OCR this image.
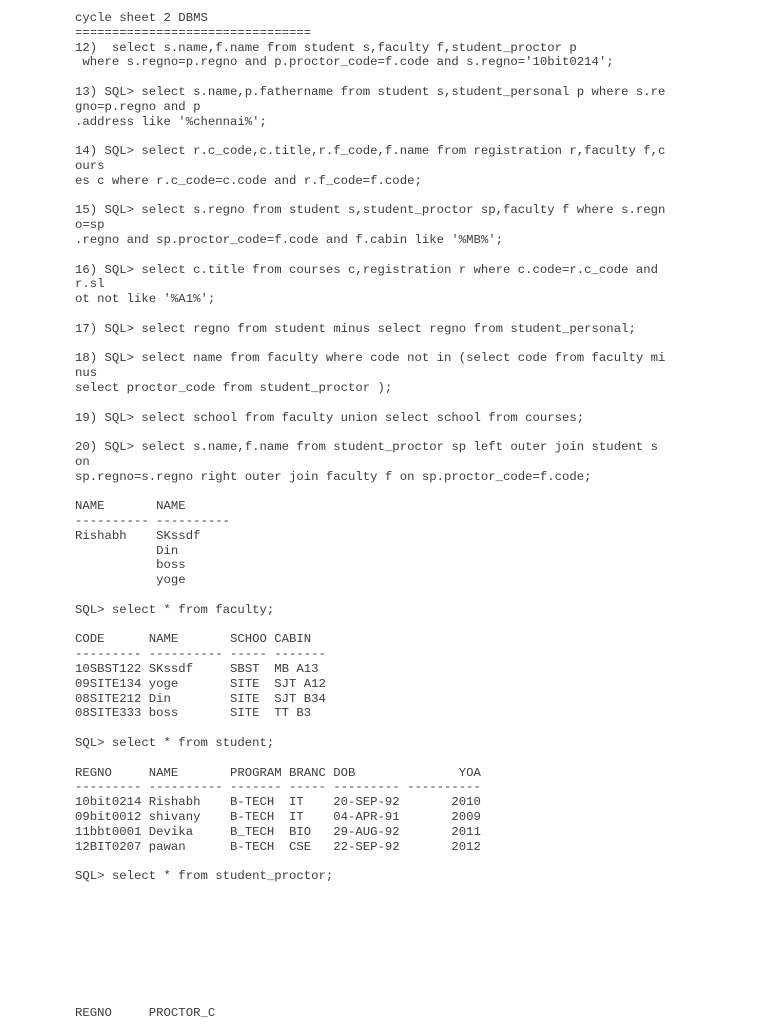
cycle sheet 2 DBMS
================================
12)  select s.name,f.name from student s,faculty f,student_proctor p
where s.regno=p.regno and p.proctor_code=f.code and s.regno='10bit0214';
13) SQL> select s.name,p.fathername from student s,student_personal p where s.re
gno=p.regno and p
.address like '%chennai%';
14) SQL> select r.c_code,c.title,r.f_code,f.name from registration r,faculty f,c
ours
es c where r.c_code=c.code and r.f_code=f.code;
15) SQL> select s.regno from student s,student_proctor sp,faculty f where s.regn
o=sp
.regno and sp.proctor_code=f.code and f.cabin like '%MB%';
16) SQL> select c.title from courses c,registration r where c.code=r.c_code and
r.sl
ot not like '%A1%';
17) SQL> select regno from student minus select regno from student_personal;
18) SQL> select name from faculty where code not in (select code from faculty mi
nus
select proctor_code from student_proctor );
19) SQL> select school from faculty union select school from courses;
20) SQL> select s.name,f.name from student_proctor sp left outer join student s
on
sp.regno=s.regno right outer join faculty f on sp.proctor_code=f.code;
NAME       NAME
---------- ----------
Rishabh    SKssdf
Din
boss
yoge
SQL> select * from faculty;
CODE      NAME       SCHOO CABIN
--------- ---------- ----- -------
10SBST122 SKssdf     SBST  MB A13
09SITE134 yoge       SITE  SJT A12
08SITE212 Din        SITE  SJT B34
08SITE333 boss       SITE  TT B3
SQL> select * from student;
REGNO     NAME       PROGRAM BRANC DOB              YOA
--------- ---------- ------- ----- --------- ----------
10bit0214 Rishabh    B-TECH  IT    20-SEP-92       2010
09bit0012 shivany    B-TECH  IT    04-APR-91       2009
11bbt0001 Devika     B_TECH  BIO   29-AUG-92       2011
12BIT0207 pawan      B-TECH  CSE   22-SEP-92       2012
SQL> select * from student_proctor;
REGNO     PROCTOR_C
